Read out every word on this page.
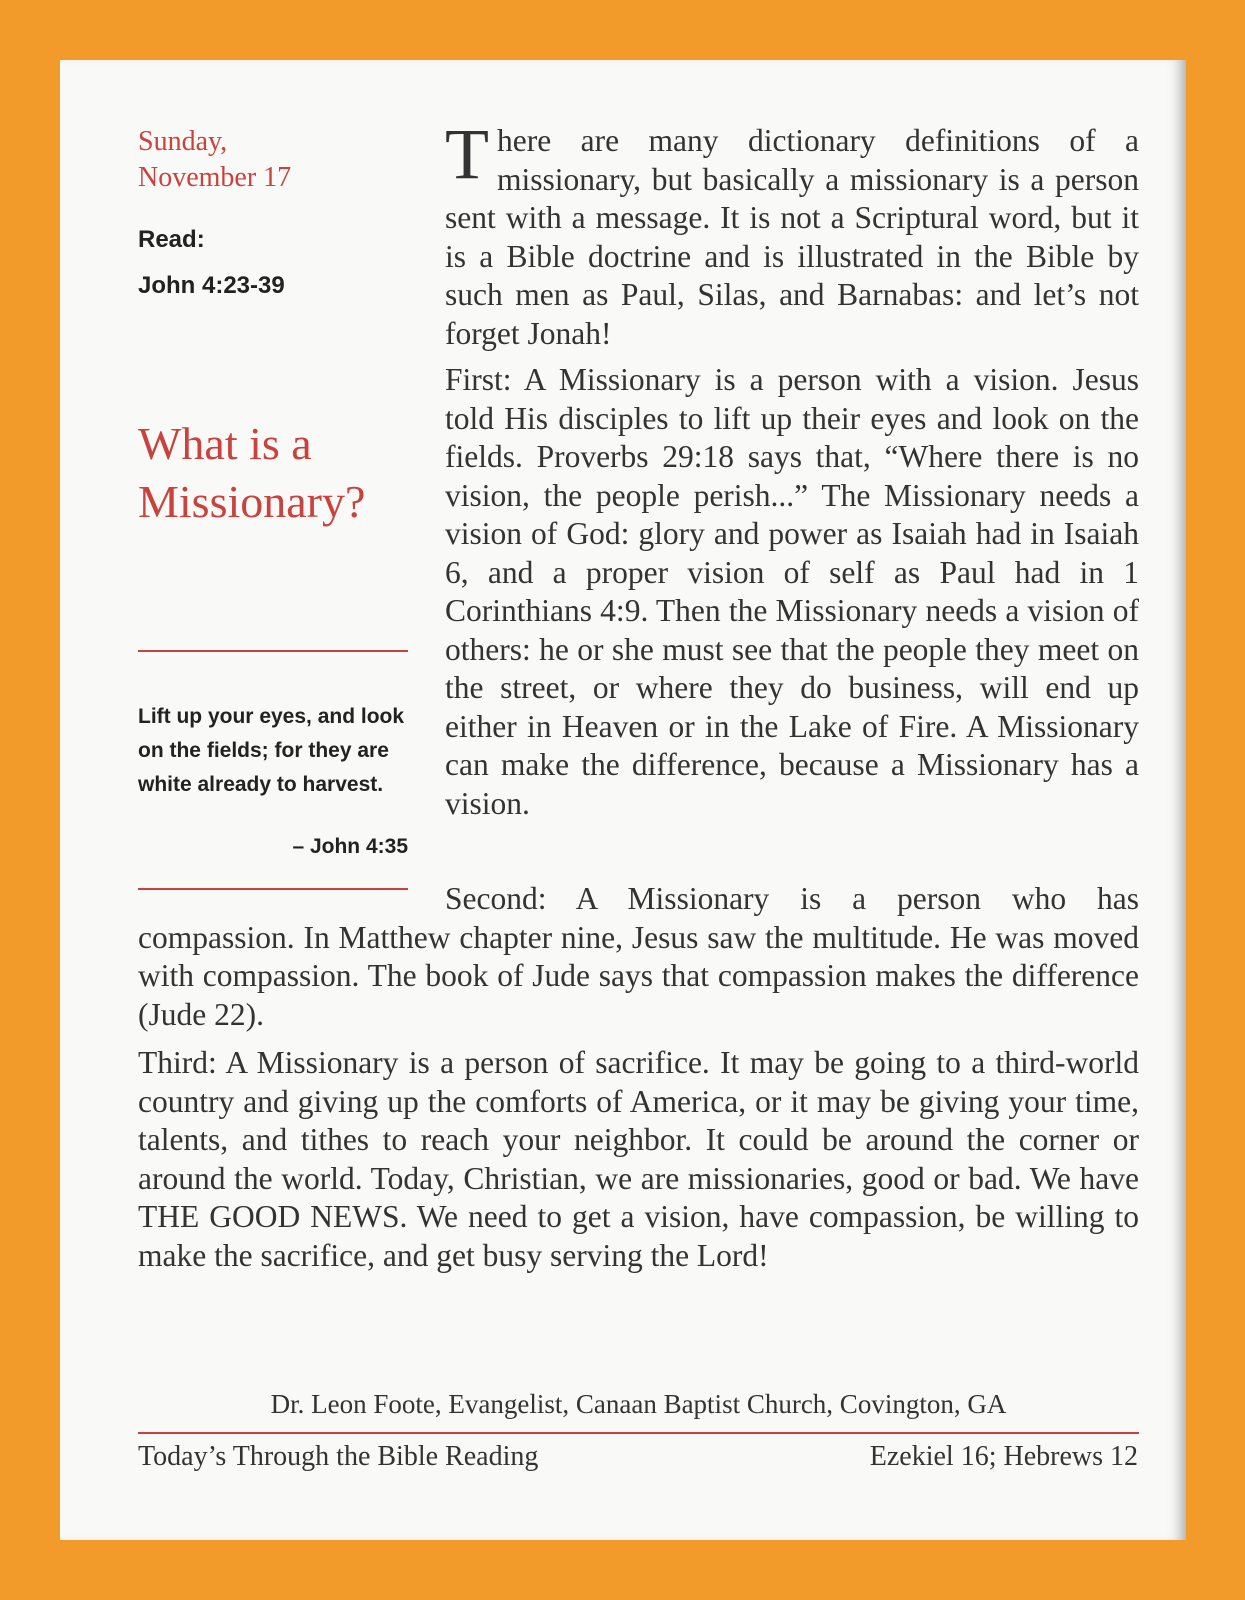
Sunday,
November 17
Read:
John 4:23-39
What is a
Missionary?
Lift up your eyes, and look on the fields; for they are white already to harvest.
– John 4:35

There are many dictionary definitions of a missionary, but basically a missionary is a person sent with a message. It is not a Scriptural word, but it is a Bible doctrine and is illustrated in the Bible by such men as Paul, Silas, and Barnabas: and let’s not forget Jonah!

First: A Missionary is a person with a vision. Jesus told His disciples to lift up their eyes and look on the fields. Proverbs 29:18 says that, “Where there is no vision, the people perish...” The Missionary needs a vision of God: glory and power as Isaiah had in Isaiah 6, and a proper vision of self as Paul had in 1 Corinthians 4:9. Then the Missionary needs a vision of others: he or she must see that the people they meet on the street, or where they do business, will end up either in Heaven or in the Lake of Fire. A Missionary can make the difference, because a Missionary has a vision.

Second: A Missionary is a person who has compassion. In Matthew chapter nine, Jesus saw the multitude. He was moved with compassion. The book of Jude says that compassion makes the difference (Jude 22).

Third: A Missionary is a person of sacrifice. It may be going to a third-world country and giving up the comforts of America, or it may be giving your time, talents, and tithes to reach your neighbor. It could be around the corner or around the world. Today, Christian, we are missionaries, good or bad. We have THE GOOD NEWS. We need to get a vision, have compassion, be willing to make the sacrifice, and get busy serving the Lord!

Dr. Leon Foote, Evangelist, Canaan Baptist Church, Covington, GA
Today’s Through the Bible Reading	Ezekiel 16; Hebrews 12
